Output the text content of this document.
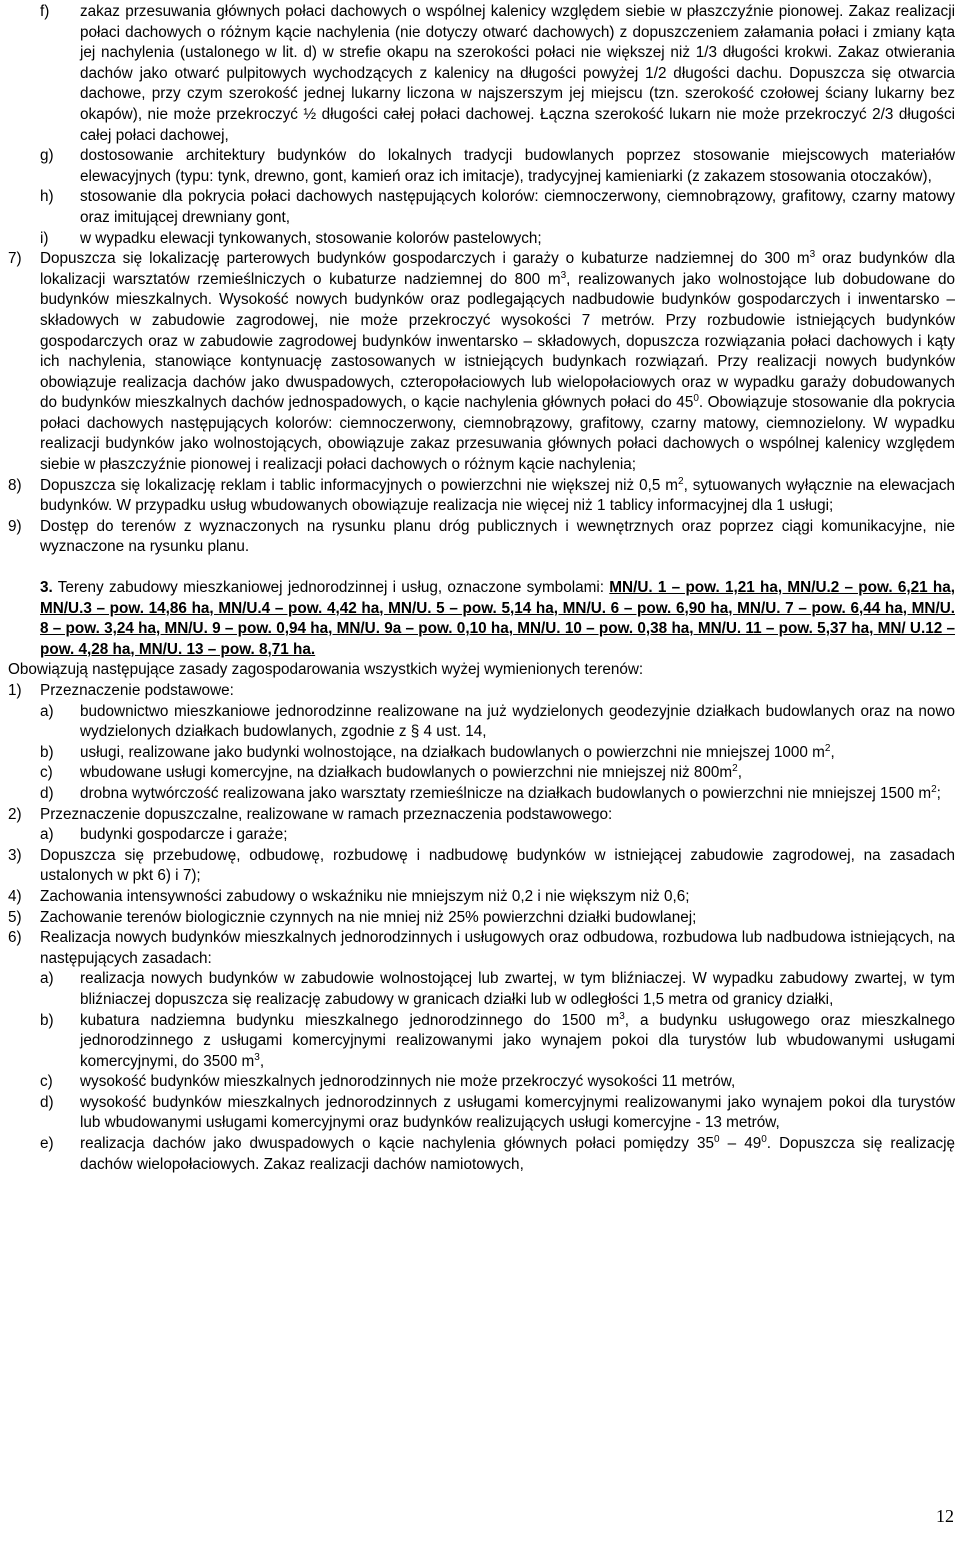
f) zakaz przesuwania głównych połaci dachowych o wspólnej kalenicy względem siebie w płaszczyźnie pionowej. Zakaz realizacji połaci dachowych o różnym kącie nachylenia (nie dotyczy otwarć dachowych) z dopuszczeniem załamania połaci i zmiany kąta jej nachylenia (ustalonego w lit. d) w strefie okapu na szerokości połaci nie większej niż 1/3 długości krokwi. Zakaz otwierania dachów jako otwarć pulpitowych wychodzących z kalenicy na długości powyżej 1/2 długości dachu. Dopuszcza się otwarcia dachowe, przy czym szerokość jednej lukarny liczona w najszerszym jej miejscu (tzn. szerokość czołowej ściany lukarny bez okapów), nie może przekroczyć ½ długości całej połaci dachowej. Łączna szerokość lukarn nie może przekroczyć 2/3 długości całej połaci dachowej,
g) dostosowanie architektury budynków do lokalnych tradycji budowlanych poprzez stosowanie miejscowych materiałów elewacyjnych (typu: tynk, drewno, gont, kamień oraz ich imitacje), tradycyjnej kamieniarki (z zakazem stosowania otoczaków),
h) stosowanie dla pokrycia połaci dachowych następujących kolorów: ciemnoczerwony, ciemnobrązowy, grafitowy, czarny matowy oraz imitującej drewniany gont,
i) w wypadku elewacji tynkowanych, stosowanie kolorów pastelowych;
7) Dopuszcza się lokalizację parterowych budynków gospodarczych i garaży o kubaturze nadziemnej do 300 $m^3$ oraz budynków dla lokalizacji warsztatów rzemieślniczych o kubaturze nadziemnej do 800 $m^3$, realizowanych jako wolnostojące lub dobudowane do budynków mieszkalnych. Wysokość nowych budynków oraz podlegających nadbudowie budynków gospodarczych i inwentarsko –składowych w zabudowie zagrodowej, nie może przekroczyć wysokości 7 metrów. Przy rozbudowie istniejących budynków gospodarczych oraz w zabudowie zagrodowej budynków inwentarsko – składowych, dopuszcza rozwiązania połaci dachowych i kąty ich nachylenia, stanowiące kontynuację zastosowanych w istniejących budynkach rozwiązań. Przy realizacji nowych budynków obowiązuje realizacja dachów jako dwuspadowych, czteropołaciowych lub wielopołaciowych oraz w wypadku garaży dobudowanych do budynków mieszkalnych dachów jednospadowych, o kącie nachylenia głównych połaci do $45^0$. Obowiązuje stosowanie dla pokrycia połaci dachowych następujących kolorów: ciemnoczerwony, ciemnobrązowy, grafitowy, czarny matowy, ciemnozielony. W wypadku realizacji budynków jako wolnostojących, obowiązuje zakaz przesuwania głównych połaci dachowych o wspólnej kalenicy względem siebie w płaszczyźnie pionowej i realizacji połaci dachowych o różnym kącie nachylenia;
8) Dopuszcza się lokalizację reklam i tablic informacyjnych o powierzchni nie większej niż 0,5 $m^2$, sytuowanych wyłącznie na elewacjach budynków. W przypadku usług wbudowanych obowiązuje realizacja nie więcej niż 1 tablicy informacyjnej dla 1 usługi;
9) Dostęp do terenów z wyznaczonych na rysunku planu dróg publicznych i wewnętrznych oraz poprzez ciągi komunikacyjne, nie wyznaczone na rysunku planu.

3. Tereny zabudowy mieszkaniowej jednorodzinnej i usług, oznaczone symbolami: MN/U. 1 – pow. 1,21 ha, MN/U.2 – pow. 6,21 ha, MN/U.3 – pow. 14,86 ha, MN/U.4 – pow. 4,42 ha, MN/U. 5 – pow. 5,14 ha, MN/U. 6 – pow. 6,90 ha, MN/U. 7 – pow. 6,44 ha, MN/U. 8 – pow. 3,24 ha, MN/U. 9 – pow. 0,94 ha, MN/U. 9a – pow. 0,10 ha, MN/U. 10 – pow. 0,38 ha, MN/U. 11 – pow. 5,37 ha, MN/ U.12 – pow. 4,28 ha, MN/U. 13 – pow. 8,71 ha.

Obowiązują następujące zasady zagospodarowania wszystkich wyżej wymienionych terenów:

1) Przeznaczenie podstawowe:
a) budownictwo mieszkaniowe jednorodzinne realizowane na już wydzielonych geodezyjnie działkach budowlanych oraz na nowo wydzielonych działkach budowlanych, zgodnie z § 4 ust. 14,
b) usługi, realizowane jako budynki wolnostojące, na działkach budowlanych o powierzchni nie mniejszej 1000 $m^2$,
c) wbudowane usługi komercyjne, na działkach budowlanych o powierzchni nie mniejszej niż $800m^2$,
d) drobna wytwórczość realizowana jako warsztaty rzemieślnicze na działkach budowlanych o powierzchni nie mniejszej 1500 $m^2$;
2) Przeznaczenie dopuszczalne, realizowane w ramach przeznaczenia podstawowego:
a) budynki gospodarcze i garaże;
3) Dopuszcza się przebudowę, odbudowę, rozbudowę i nadbudowę budynków w istniejącej zabudowie zagrodowej, na zasadach ustalonych w pkt 6) i 7);
4) Zachowania intensywności zabudowy o wskaźniku nie mniejszym niż 0,2 i nie większym niż 0,6;
5) Zachowanie terenów biologicznie czynnych na nie mniej niż 25% powierzchni działki budowlanej;
6) Realizacja nowych budynków mieszkalnych jednorodzinnych i usługowych oraz odbudowa, rozbudowa lub nadbudowa istniejących, na następujących zasadach:
a) realizacja nowych budynków w zabudowie wolnostojącej lub zwartej, w tym bliźniaczej. W wypadku zabudowy zwartej, w tym bliźniaczej dopuszcza się realizację zabudowy w granicach działki lub w odległości 1,5 metra od granicy działki,
b) kubatura nadziemna budynku mieszkalnego jednorodzinnego do 1500 $m^3$, a budynku usługowego oraz mieszkalnego jednorodzinnego z usługami komercyjnymi realizowanymi jako wynajem pokoi dla turystów lub wbudowanymi usługami komercyjnymi, do 3500 $m^3$,
c) wysokość budynków mieszkalnych jednorodzinnych nie może przekroczyć wysokości 11 metrów,
d) wysokość budynków mieszkalnych jednorodzinnych z usługami komercyjnymi realizowanymi jako wynajem pokoi dla turystów lub wbudowanymi usługami komercyjnymi oraz budynków realizujących usługi komercyjne - 13 metrów,
e) realizacja dachów jako dwuspadowych o kącie nachylenia głównych połaci pomiędzy $35^0 - 49^0$. Dopuszcza się realizację dachów wielopołaciowych. Zakaz realizacji dachów namiotowych,
12
